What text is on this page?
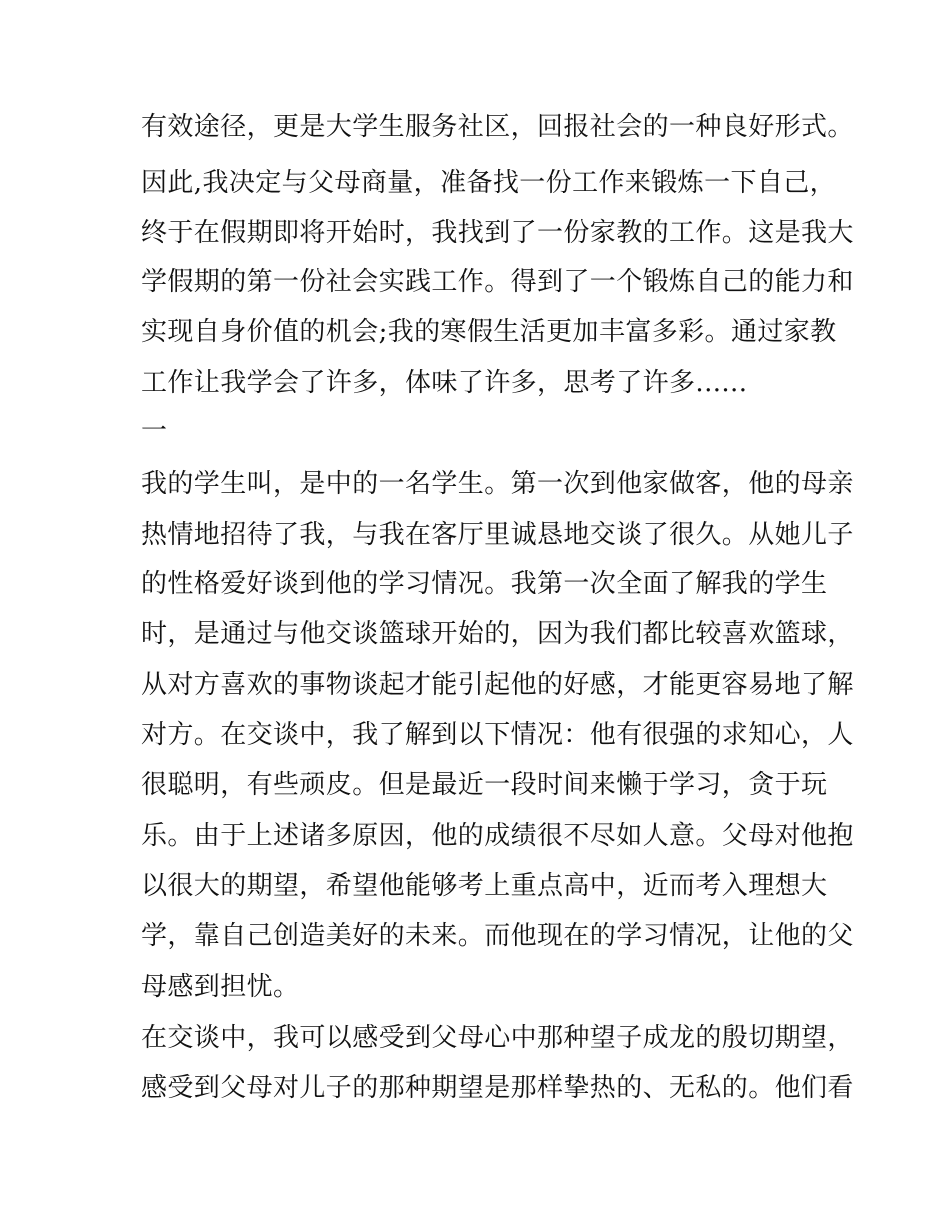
有效途径，更是大学生服务社区，回报社会的一种良好形式。
因此,我决定与父母商量，准备找一份工作来锻炼一下自己，
终于在假期即将开始时，我找到了一份家教的工作。这是我大
学假期的第一份社会实践工作。得到了一个锻炼自己的能力和
实现自身价值的机会;我的寒假生活更加丰富多彩。通过家教
工作让我学会了许多，体味了许多，思考了许多......
一
我的学生叫，是中的一名学生。第一次到他家做客，他的母亲
热情地招待了我，与我在客厅里诚恳地交谈了很久。从她儿子
的性格爱好谈到他的学习情况。我第一次全面了解我的学生
时，是通过与他交谈篮球开始的，因为我们都比较喜欢篮球，
从对方喜欢的事物谈起才能引起他的好感，才能更容易地了解
对方。在交谈中，我了解到以下情况：他有很强的求知心，人
很聪明，有些顽皮。但是最近一段时间来懒于学习，贪于玩
乐。由于上述诸多原因，他的成绩很不尽如人意。父母对他抱
以很大的期望，希望他能够考上重点高中，近而考入理想大
学，靠自己创造美好的未来。而他现在的学习情况，让他的父
母感到担忧。
在交谈中，我可以感受到父母心中那种望子成龙的殷切期望，
感受到父母对儿子的那种期望是那样挚热的、无私的。他们看
